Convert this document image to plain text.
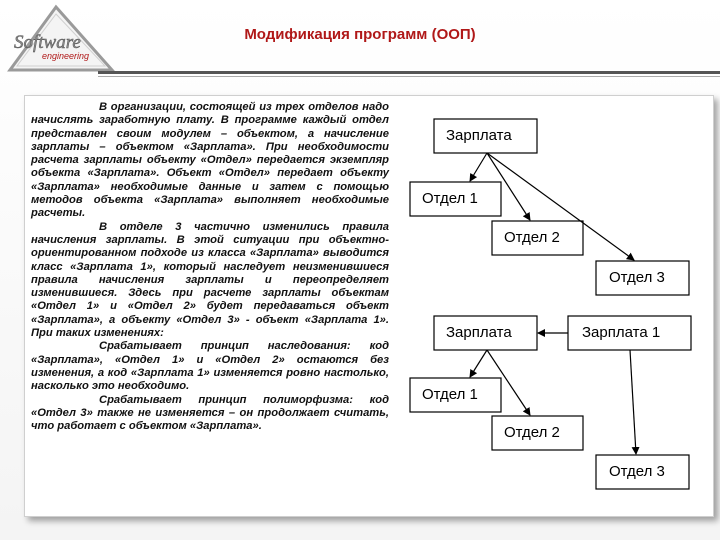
Software
engineering
Модификация программ (ООП)

В организации, состоящей из трех отделов надо начислять заработную плату. В программе каждый отдел представлен своим модулем – объектом, а начисление зарплаты – объектом «Зарплата». При необходимости расчета зарплаты объекту «Отдел» передается экземпляр объекта «Зарплата». Объект «Отдел» передает объекту «Зарплата» необходимые данные и затем с помощью методов объекта «Зарплата» выполняет необходимые расчеты.

В отделе 3 частично изменились правила начисления зарплаты. В этой ситуации при объектно-ориентированном подходе из класса «Зарплата» выводится класс «Зарплата 1», который наследует неизменившиеся правила начисления зарплаты и переопределяет изменившиеся. Здесь при расчете зарплаты объектам «Отдел 1» и «Отдел 2» будет передаваться объект «Зарплата», а объекту «Отдел 3» - объект «Зарплата 1». При таких изменениях:

Срабатывает принцип наследования: код «Зарплата», «Отдел 1» и «Отдел 2» остаются без изменения, а код «Зарплата 1» изменяется ровно настолько, насколько это необходимо.

Срабатывает принцип полиморфизма: код «Отдел 3» также не изменяется – он продолжает считать, что работает с объектом «Зарплата».

Зарплата
Отдел 1
Отдел 2
Отдел 3
Зарплата	Зарплата 1
Отдел 1
Отдел 2
Отдел 3
